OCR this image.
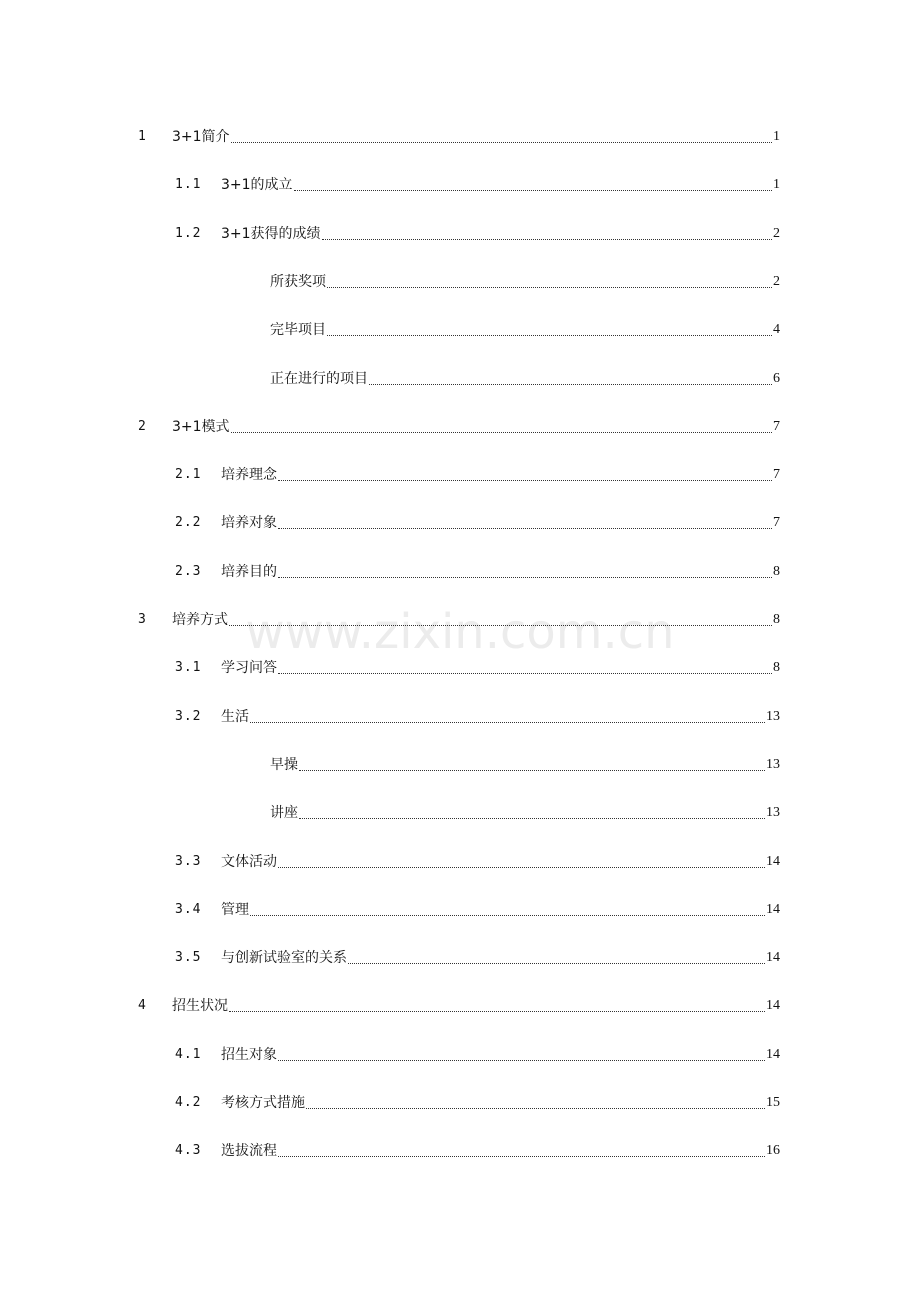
www.zixin.com.cn
1 3+1简介	1
1.1 3+1的成立	1
1.2 3+1获得的成绩	2
所获奖项	2
完毕项目	4
正在进行的项目	6
2 3+1模式	7
2.1 培养理念	7
2.2 培养对象	7
2.3 培养目的	8
3 培养方式	8
3.1 学习问答	8
3.2 生活	13
早操	13
讲座	13
3.3 文体活动	14
3.4 管理	14
3.5 与创新试验室的关系	14
4 招生状况	14
4.1 招生对象	14
4.2 考核方式措施	15
4.3 选拔流程	16
